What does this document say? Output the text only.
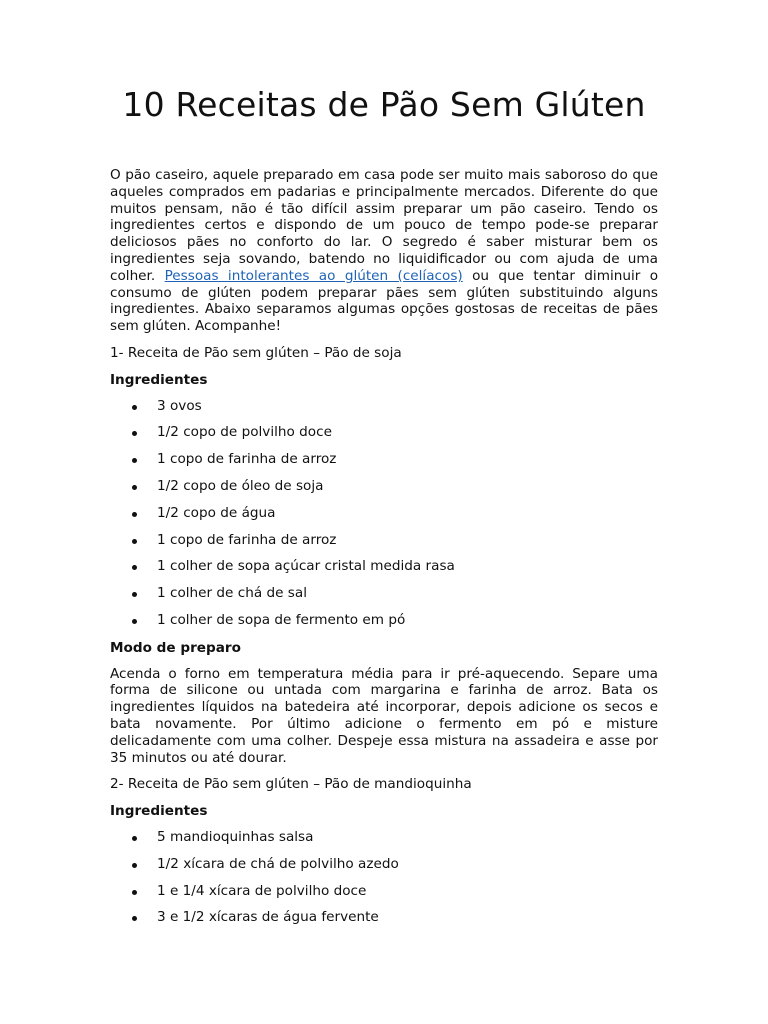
10 Receitas de Pão Sem Glúten

O pão caseiro, aquele preparado em casa pode ser muito mais saboroso do que aqueles comprados em padarias e principalmente mercados. Diferente do que muitos pensam, não é tão difícil assim preparar um pão caseiro. Tendo os ingredientes certos e dispondo de um pouco de tempo pode-se preparar deliciosos pães no conforto do lar. O segredo é saber misturar bem os ingredientes seja sovando, batendo no liquidificador ou com ajuda de uma colher. Pessoas intolerantes ao glúten (celíacos) ou que tentar diminuir o consumo de glúten podem preparar pães sem glúten substituindo alguns ingredientes. Abaixo separamos algumas opções gostosas de receitas de pães sem glúten. Acompanhe!

1- Receita de Pão sem glúten – Pão de soja

Ingredientes

3 ovos
1/2 copo de polvilho doce
1 copo de farinha de arroz
1/2 copo de óleo de soja
1/2 copo de água
1 copo de farinha de arroz
1 colher de sopa açúcar cristal medida rasa
1 colher de chá de sal
1 colher de sopa de fermento em pó

Modo de preparo

Acenda o forno em temperatura média para ir pré-aquecendo. Separe uma forma de silicone ou untada com margarina e farinha de arroz. Bata os ingredientes líquidos na batedeira até incorporar, depois adicione os secos e bata novamente. Por último adicione o fermento em pó e misture delicadamente com uma colher. Despeje essa mistura na assadeira e asse por 35 minutos ou até dourar.

2- Receita de Pão sem glúten – Pão de mandioquinha

Ingredientes

5 mandioquinhas salsa
1/2 xícara de chá de polvilho azedo
1 e 1/4 xícara de polvilho doce
3 e 1/2 xícaras de água fervente
